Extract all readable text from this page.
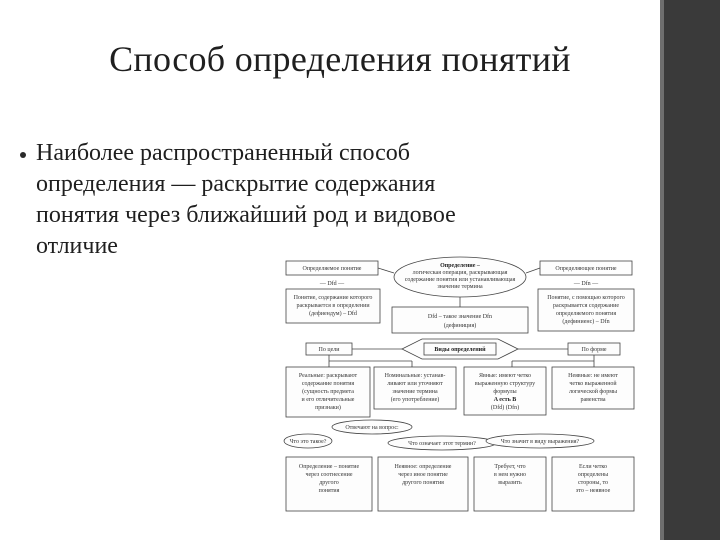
Способ определения понятий
Наиболее распространенный способ
определения — раскрытие содержания
понятия через ближайший род и видовое
отличие
Определяемое понятие	Определение –
логическая операция, раскрывающая
содержание понятия или устанавливающая
значение термина
Определяющее понятие
— Dfd —	— Dfn —
Понятие, содержание которого
раскрывается в определении
(дефиендум) – Dfd	Dfd – такое значение Dfn
(дефиниция)
Понятие, с помощью которого
раскрывается содержание
определяемого понятия
(дефиниенс) – Dfn
По цели	Виды определений	По форме
Реальные: раскрывают
содержание понятия
(сущность предмета
и его отличительные
признаки)
Номинальные: устанав-
ливают или уточняют
значение термина
(его употребление)
Явные: имеют четко
выраженную структуру
формулы
A есть B
(Dfd) (Dfn)
Неявные: не имеют
четко выраженной
логической формы
равенства
Отвечают на вопрос:
Что это такое?	Что означает этот термин?	Что значит в виду выражения?
Определение – понятие
через соотнесение
другого
понятия
Неявное: определение
через иное понятие
другого понятия
Требует, что
в нем нужно
выразить
Если четко
определены
стороны, то
это – неявное
